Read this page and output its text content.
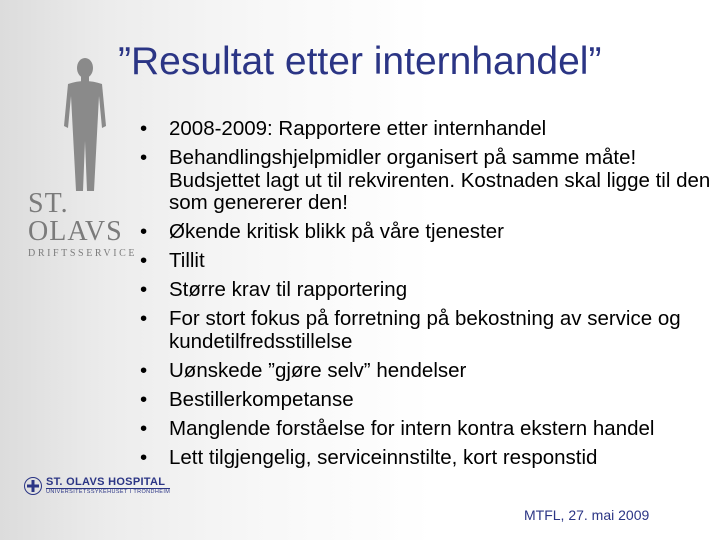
ST. OLAVS
DRIFTSSERVICE
”Resultat etter internhandel”
• 2008-2009: Rapportere etter internhandel
• Behandlingshjelpmidler organisert på samme måte! Budsjettet lagt ut til rekvirenten. Kostnaden skal ligge til den som genererer den!
• Økende kritisk blikk på våre tjenester
• Tillit
• Større krav til rapportering
• For stort fokus på forretning på bekostning av service og kundetilfredsstillelse
• Uønskede ”gjøre selv” hendelser
• Bestillerkompetanse
• Manglende forståelse for intern kontra ekstern handel
• Lett tilgjengelig, serviceinnstilte, kort responstid
ST. OLAVS HOSPITAL
UNIVERSITETSSYKEHUSET I TRONDHEIM
MTFL, 27. mai 2009
